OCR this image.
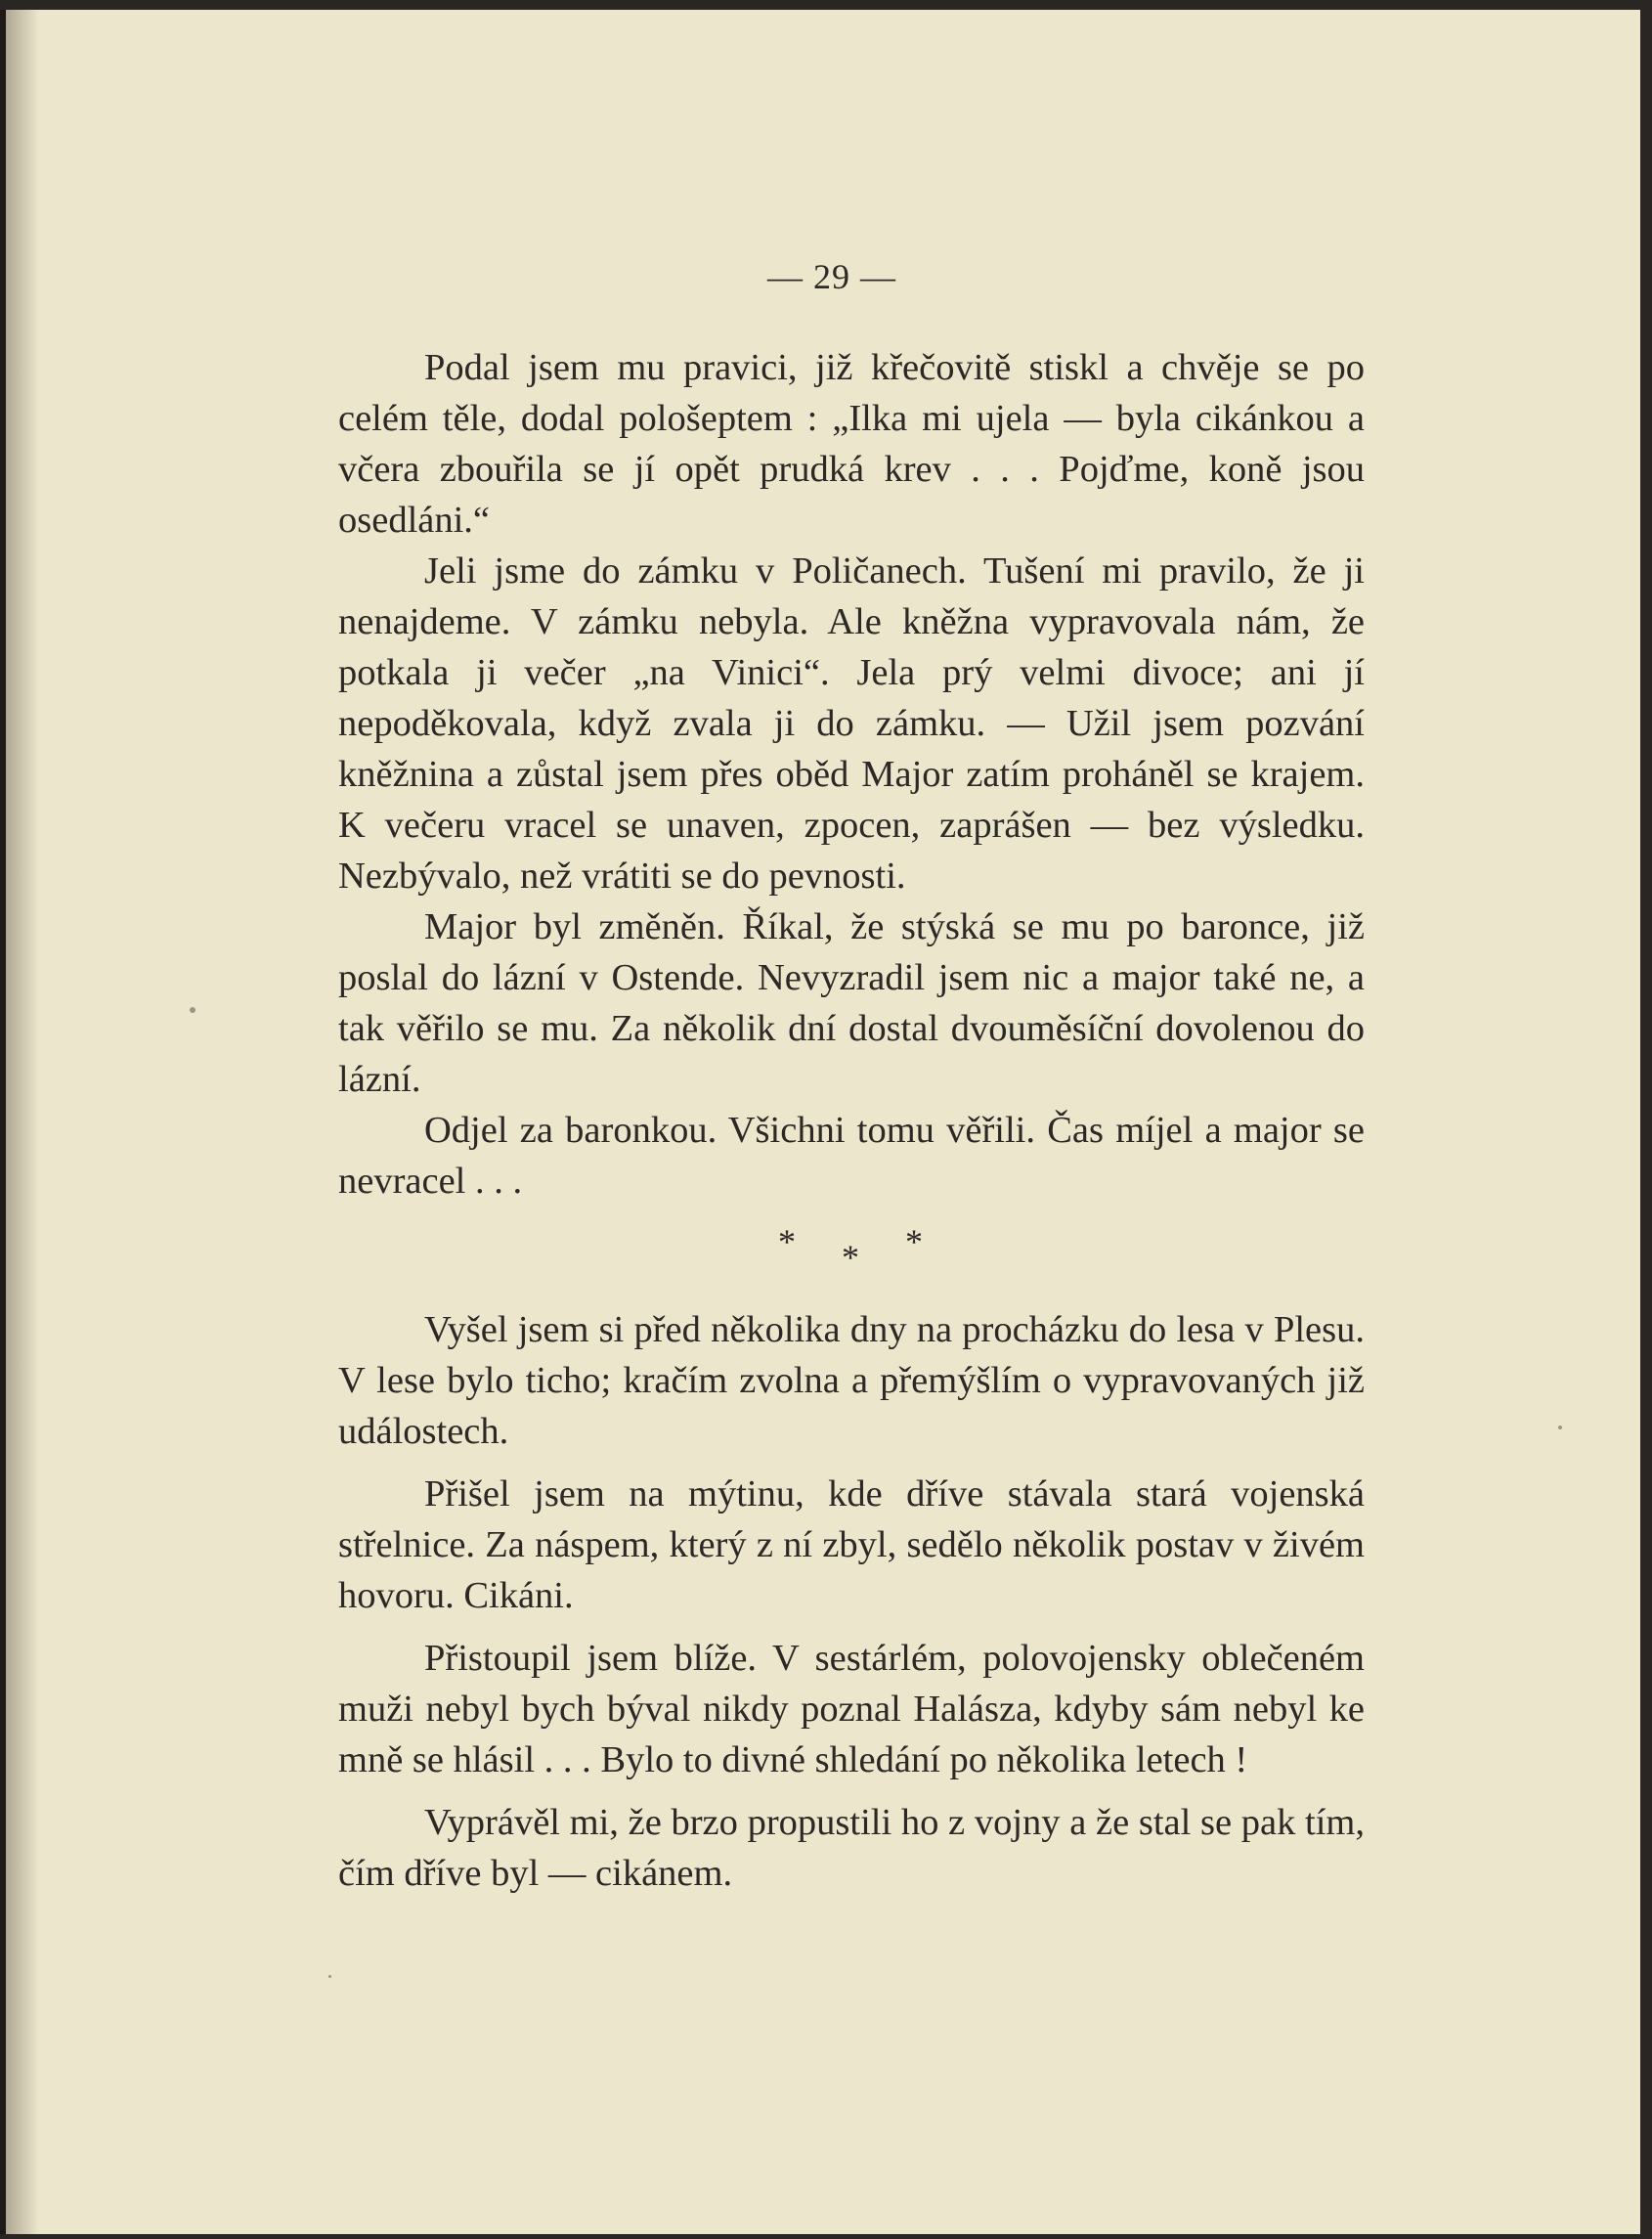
— 29 —

Podal jsem mu pravici, již křečovitě stiskl a chvěje se po celém těle, dodal pološeptem : „Ilka mi ujela — byla cikánkou a včera zbouřila se jí opět prudká krev . . . Pojďme, koně jsou osedláni.“

Jeli jsme do zámku v Poličanech. Tušení mi pravilo, že ji nenajdeme. V zámku nebyla. Ale kněžna vypravovala nám, že potkala ji večer „na Vinici“. Jela prý velmi divoce; ani jí nepoděkovala, když zvala ji do zámku. — Užil jsem pozvání kněžnina a zůstal jsem přes oběd Major zatím proháněl se krajem. K večeru vracel se unaven, zpocen, zaprášen — bez výsledku. Nezbývalo, než vrátiti se do pevnosti.

Major byl změněn. Říkal, že stýská se mu po baronce, již poslal do lázní v Ostende. Nevyzradil jsem nic a major také ne, a tak věřilo se mu. Za několik dní dostal dvouměsíční dovolenou do lázní.

Odjel za baronkou. Všichni tomu věřili. Čas míjel a major se nevracel . . .

* * *

Vyšel jsem si před několika dny na procházku do lesa v Plesu. V lese bylo ticho; kračím zvolna a přemýšlím o vypravovaných již událostech.

Přišel jsem na mýtinu, kde dříve stávala stará vojenská střelnice. Za náspem, který z ní zbyl, sedělo několik postav v živém hovoru. Cikáni.

Přistoupil jsem blíže. V sestárlém, polovojensky oblečeném muži nebyl bych býval nikdy poznal Halásza, kdyby sám nebyl ke mně se hlásil . . . Bylo to divné shledání po několika letech !

Vyprávěl mi, že brzo propustili ho z vojny a že stal se pak tím, čím dříve byl — cikánem.
